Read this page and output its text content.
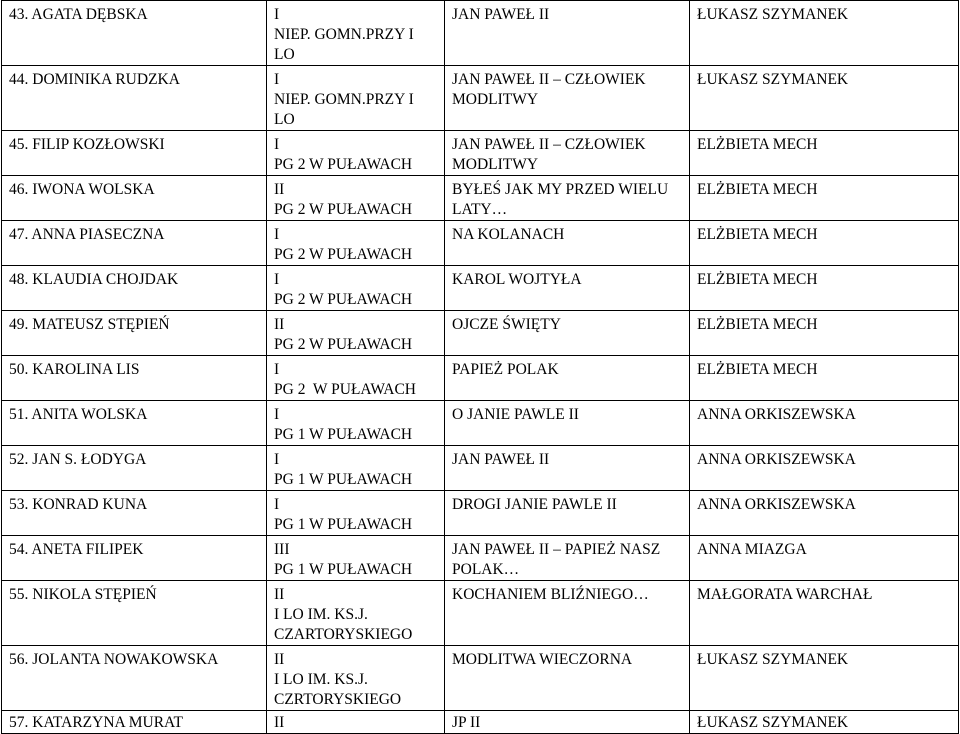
43. AGATA DĘBSKA	I
NIEP. GOMN.PRZY I
LO	JAN PAWEŁ II	ŁUKASZ SZYMANEK
44. DOMINIKA RUDZKA	I
NIEP. GOMN.PRZY I
LO	JAN PAWEŁ II – CZŁOWIEK
MODLITWY	ŁUKASZ SZYMANEK
45. FILIP KOZŁOWSKI	I
PG 2 W PUŁAWACH	JAN PAWEŁ II – CZŁOWIEK
MODLITWY	ELŻBIETA MECH
46. IWONA WOLSKA	II
PG 2 W PUŁAWACH	BYŁEŚ JAK MY PRZED WIELU
LATY…	ELŻBIETA MECH
47. ANNA PIASECZNA	I
PG 2 W PUŁAWACH	NA KOLANACH	ELŻBIETA MECH
48. KLAUDIA CHOJDAK	I
PG 2 W PUŁAWACH	KAROL WOJTYŁA	ELŻBIETA MECH
49. MATEUSZ STĘPIEŃ	II
PG 2 W PUŁAWACH	OJCZE ŚWIĘTY	ELŻBIETA MECH
50. KAROLINA LIS	I
PG 2  W PUŁAWACH	PAPIEŻ POLAK	ELŻBIETA MECH
51. ANITA WOLSKA	I
PG 1 W PUŁAWACH	O JANIE PAWLE II	ANNA ORKISZEWSKA
52. JAN S. ŁODYGA	I
PG 1 W PUŁAWACH	JAN PAWEŁ II	ANNA ORKISZEWSKA
53. KONRAD KUNA	I
PG 1 W PUŁAWACH	DROGI JANIE PAWLE II	ANNA ORKISZEWSKA
54. ANETA FILIPEK	III
PG 1 W PUŁAWACH	JAN PAWEŁ II – PAPIEŻ NASZ
POLAK…	ANNA MIAZGA
55. NIKOLA STĘPIEŃ	II
I LO IM. KS.J.
CZARTORYSKIEGO	KOCHANIEM BLIŹNIEGO…	MAŁGORATA WARCHAŁ
56. JOLANTA NOWAKOWSKA	II
I LO IM. KS.J.
CZRTORYSKIEGO	MODLITWA WIECZORNA	ŁUKASZ SZYMANEK
57. KATARZYNA MURAT	II	JP II	ŁUKASZ SZYMANEK
